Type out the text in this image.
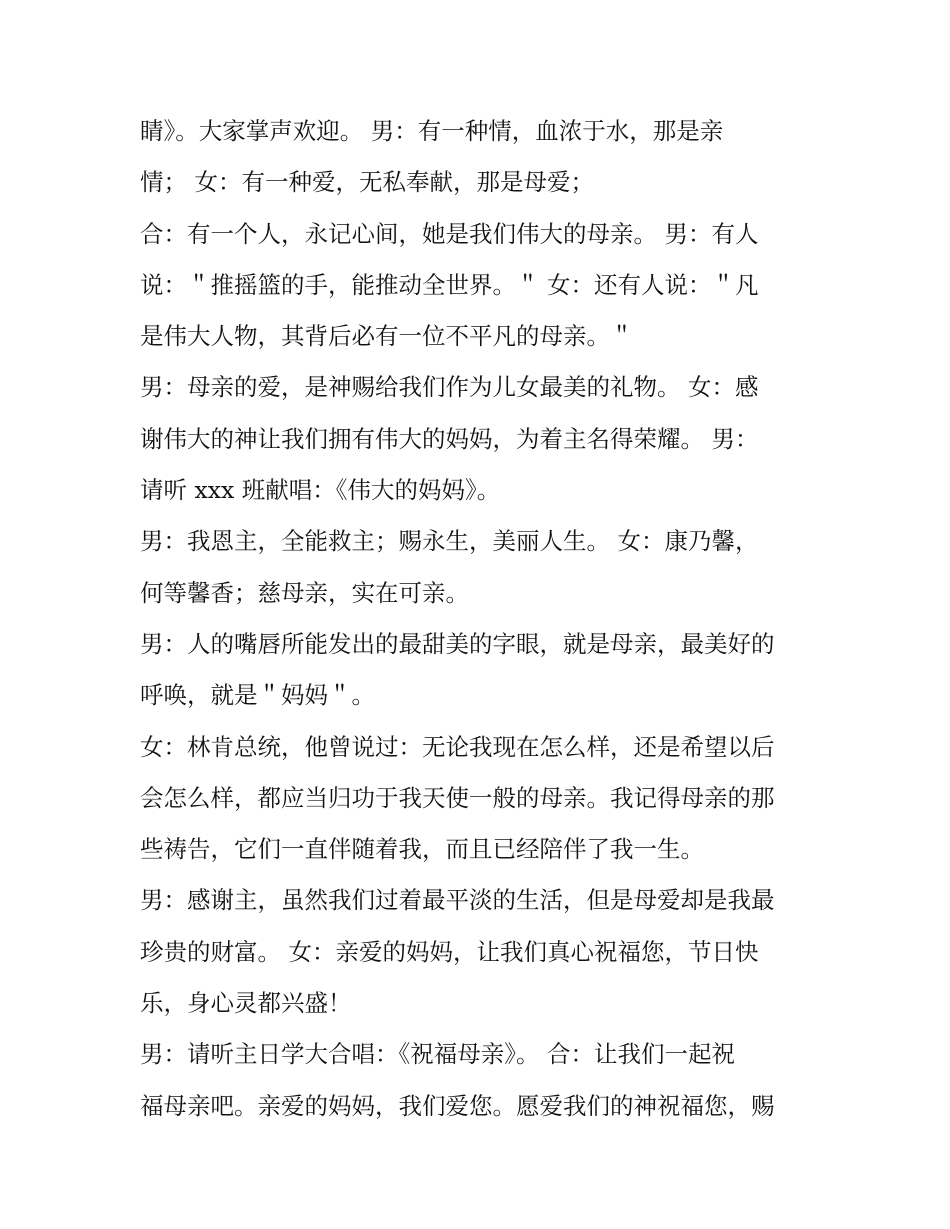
睛》。大家掌声欢迎。 男：有一种情，血浓于水，那是亲
情； 女：有一种爱，无私奉献，那是母爱；
合：有一个人，永记心间，她是我们伟大的母亲。 男：有人
说：＂推摇篮的手，能推动全世界。＂ 女：还有人说：＂凡
是伟大人物，其背后必有一位不平凡的母亲。＂
男：母亲的爱，是神赐给我们作为儿女最美的礼物。 女：感
谢伟大的神让我们拥有伟大的妈妈，为着主名得荣耀。 男：
请听 xxx 班献唱：《伟大的妈妈》。
男：我恩主，全能救主；赐永生，美丽人生。 女：康乃馨，
何等馨香；慈母亲，实在可亲。
男：人的嘴唇所能发出的最甜美的字眼，就是母亲，最美好的
呼唤，就是＂妈妈＂。
女：林肯总统，他曾说过：无论我现在怎么样，还是希望以后
会怎么样，都应当归功于我天使一般的母亲。我记得母亲的那
些祷告，它们一直伴随着我，而且已经陪伴了我一生。
男：感谢主，虽然我们过着最平淡的生活，但是母爱却是我最
珍贵的财富。 女：亲爱的妈妈，让我们真心祝福您，节日快
乐，身心灵都兴盛！
男：请听主日学大合唱：《祝福母亲》。 合：让我们一起祝
福母亲吧。亲爱的妈妈，我们爱您。愿爱我们的神祝福您，赐
